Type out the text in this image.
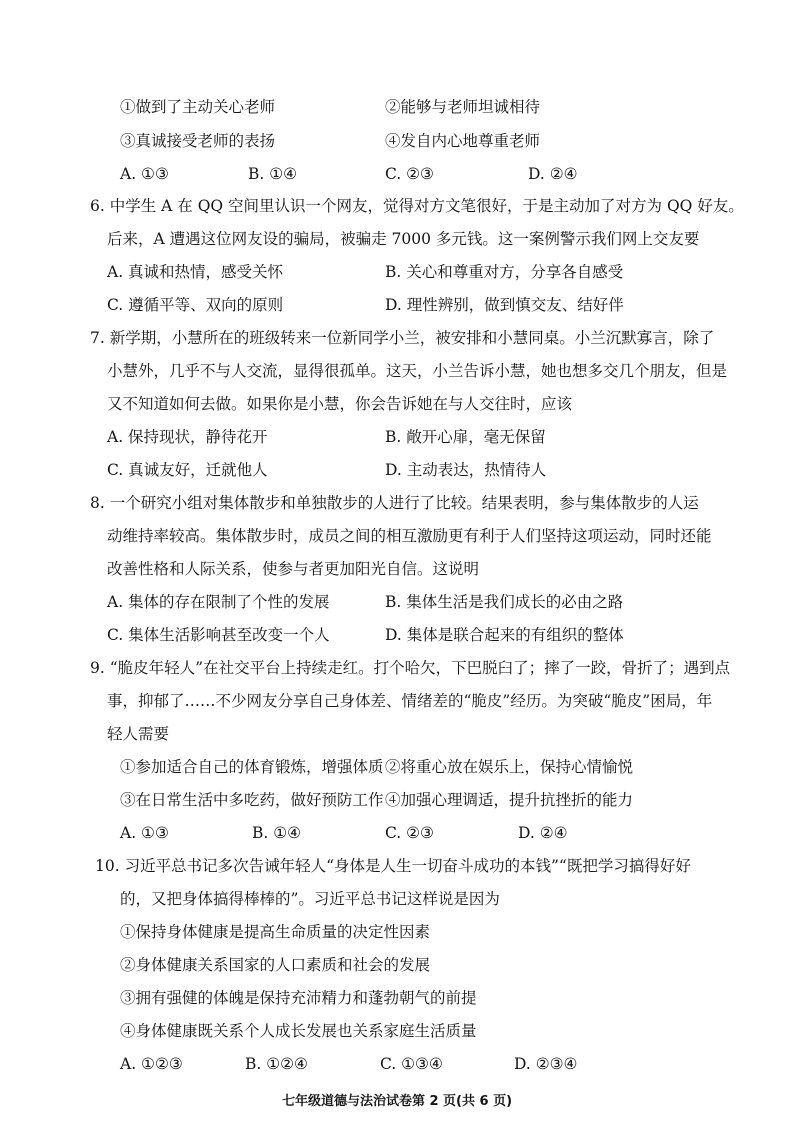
①做到了主动关心老师	②能够与老师坦诚相待
③真诚接受老师的表扬	④发自内心地尊重老师
A. ①③	B. ①④	C. ②③	D. ②④
6. 中学生 A 在 QQ 空间里认识一个网友，觉得对方文笔很好，于是主动加了对方为 QQ 好友。
后来，A 遭遇这位网友设的骗局，被骗走 7000 多元钱。这一案例警示我们网上交友要
A. 真诚和热情，感受关怀	B. 关心和尊重对方，分享各自感受
C. 遵循平等、双向的原则	D. 理性辨别，做到慎交友、结好伴
7. 新学期，小慧所在的班级转来一位新同学小兰，被安排和小慧同桌。小兰沉默寡言，除了
小慧外，几乎不与人交流，显得很孤单。这天，小兰告诉小慧，她也想多交几个朋友，但是
又不知道如何去做。如果你是小慧，你会告诉她在与人交往时，应该
A. 保持现状，静待花开	B. 敞开心扉，毫无保留
C. 真诚友好，迁就他人	D. 主动表达，热情待人
8. 一个研究小组对集体散步和单独散步的人进行了比较。结果表明，参与集体散步的人运
动维持率较高。集体散步时，成员之间的相互激励更有利于人们坚持这项运动，同时还能
改善性格和人际关系，使参与者更加阳光自信。这说明
A. 集体的存在限制了个性的发展	B. 集体生活是我们成长的必由之路
C. 集体生活影响甚至改变一个人	D. 集体是联合起来的有组织的整体
9. “脆皮年轻人”在社交平台上持续走红。打个哈欠，下巴脱臼了；摔了一跤，骨折了；遇到点
事，抑郁了……不少网友分享自己身体差、情绪差的“脆皮”经历。为突破“脆皮”困局，年
轻人需要
①参加适合自己的体育锻炼，增强体质 ②将重心放在娱乐上，保持心情愉悦
③在日常生活中多吃药，做好预防工作 ④加强心理调适，提升抗挫折的能力
A. ①③	B. ①④	C. ②③	D. ②④
10. 习近平总书记多次告诫年轻人“身体是人生一切奋斗成功的本钱”“既把学习搞得好好
的，又把身体搞得棒棒的”。习近平总书记这样说是因为
①保持身体健康是提高生命质量的决定性因素
②身体健康关系国家的人口素质和社会的发展
③拥有强健的体魄是保持充沛精力和蓬勃朝气的前提
④身体健康既关系个人成长发展也关系家庭生活质量
A. ①②③	B. ①②④	C. ①③④	D. ②③④
七年级道德与法治试卷第 2 页(共 6 页)
